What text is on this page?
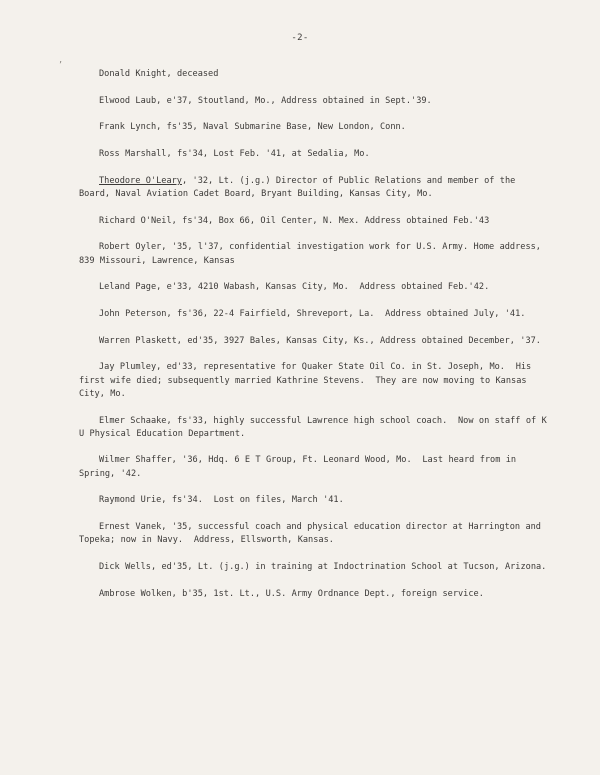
’
-2-

Donald Knight, deceased

Elwood Laub, e'37, Stoutland, Mo., Address obtained in Sept.'39.

Frank Lynch, fs'35, Naval Submarine Base, New London, Conn.

Ross Marshall, fs'34, Lost Feb. '41, at Sedalia, Mo.

Theodore O'Leary, '32, Lt. (j.g.) Director of Public Relations and member of the Board, Naval Aviation Cadet Board, Bryant Building, Kansas City, Mo.

Richard O'Neil, fs'34, Box 66, Oil Center, N. Mex. Address obtained Feb.'43

Robert Oyler, '35, l'37, confidential investigation work for U.S. Army. Home address, 839 Missouri, Lawrence, Kansas

Leland Page, e'33, 4210 Wabash, Kansas City, Mo.  Address obtained Feb.'42.

John Peterson, fs'36, 22-4 Fairfield, Shreveport, La.  Address obtained July, '41.

Warren Plaskett, ed'35, 3927 Bales, Kansas City, Ks., Address obtained December, '37.

Jay Plumley, ed'33, representative for Quaker State Oil Co. in St. Joseph, Mo.  His first wife died; subsequently married Kathrine Stevens.  They are now moving to Kansas City, Mo.

Elmer Schaake, fs'33, highly successful Lawrence high school coach.  Now on staff of K U Physical Education Department.

Wilmer Shaffer, '36, Hdq. 6 E T Group, Ft. Leonard Wood, Mo.  Last heard from in Spring, '42.

Raymond Urie, fs'34.  Lost on files, March '41.

Ernest Vanek, '35, successful coach and physical education director at Harrington and Topeka; now in Navy.  Address, Ellsworth, Kansas.

Dick Wells, ed'35, Lt. (j.g.) in training at Indoctrination School at Tucson, Arizona.

Ambrose Wolken, b'35, 1st. Lt., U.S. Army Ordnance Dept., foreign service.
